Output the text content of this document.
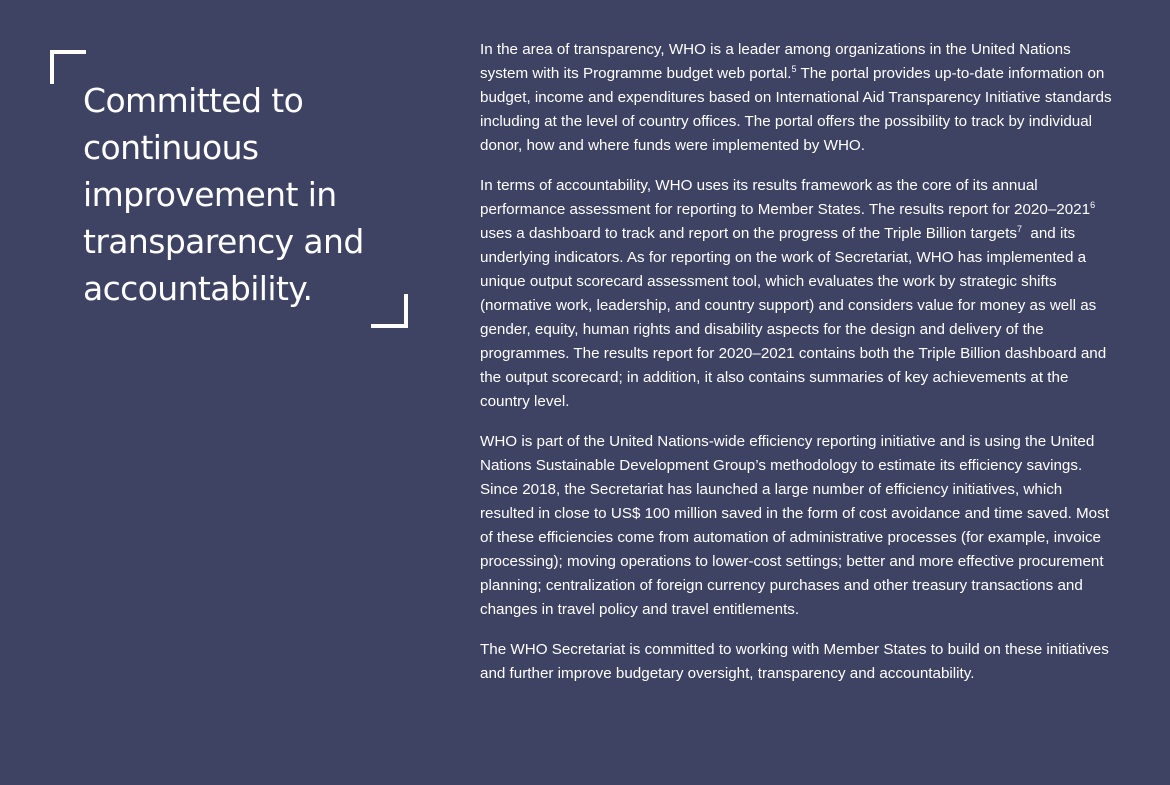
Committed to continuous improvement in transparency and accountability.

In the area of transparency, WHO is a leader among organizations in the United Nations system with its Programme budget web portal.$^5$ The portal provides up-to-date information on budget, income and expenditures based on International Aid Transparency Initiative standards including at the level of country offices. The portal offers the possibility to track by individual donor, how and where funds were implemented by WHO.

In terms of accountability, WHO uses its results framework as the core of its annual performance assessment for reporting to Member States. The results report for 2020–2021$^6$ uses a dashboard to track and report on the progress of the Triple Billion targets$^7$  and its underlying indicators. As for reporting on the work of Secretariat, WHO has implemented a unique output scorecard assessment tool, which evaluates the work by strategic shifts (normative work, leadership, and country support) and considers value for money as well as gender, equity, human rights and disability aspects for the design and delivery of the programmes. The results report for 2020–2021 contains both the Triple Billion dashboard and the output scorecard; in addition, it also contains summaries of key achievements at the country level.

WHO is part of the United Nations-wide efficiency reporting initiative and is using the United Nations Sustainable Development Group’s methodology to estimate its efficiency savings. Since 2018, the Secretariat has launched a large number of efficiency initiatives, which resulted in close to US$ 100 million saved in the form of cost avoidance and time saved. Most of these efficiencies come from automation of administrative processes (for example, invoice processing); moving operations to lower-cost settings; better and more effective procurement planning; centralization of foreign currency purchases and other treasury transactions and changes in travel policy and travel entitlements.

The WHO Secretariat is committed to working with Member States to build on these initiatives and further improve budgetary oversight, transparency and accountability.
